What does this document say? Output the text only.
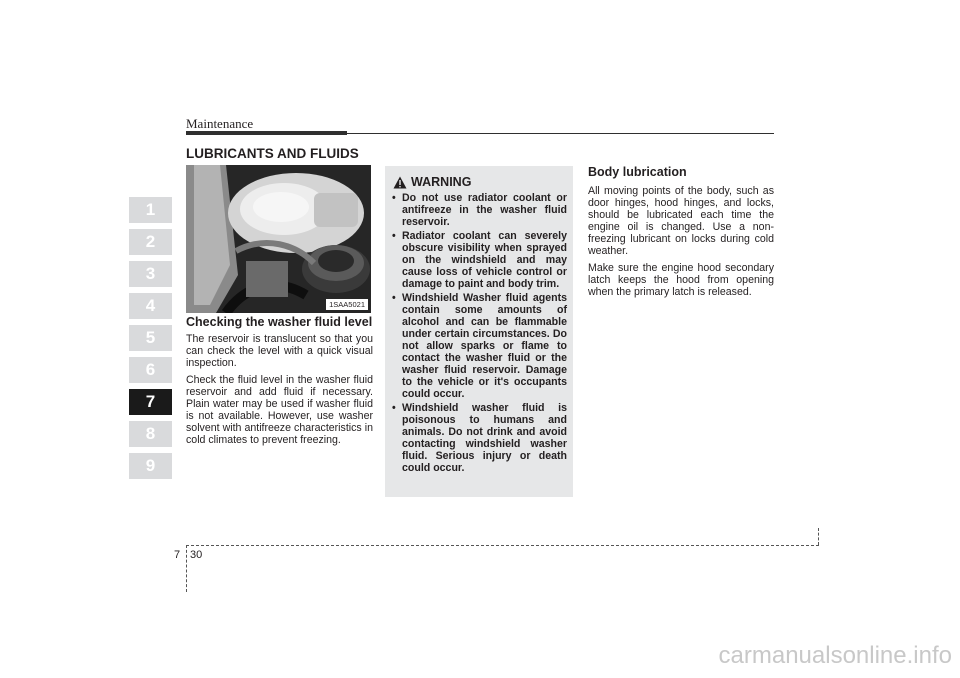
Maintenance
LUBRICANTS AND FLUIDS
1
2
3
4
5
6
7
8
9
1SAA5021
Checking the washer fluid level

The reservoir is translucent so that you can check the level with a quick visual inspection.

Check the fluid level in the washer fluid reservoir and add fluid if necessary. Plain water may be used if washer fluid is not available. However, use washer solvent with antifreeze characteristics in cold climates to prevent freezing.

WARNING
• Do not use radiator coolant or antifreeze in the washer fluid reservoir.
• Radiator coolant can severely obscure visibility when sprayed on the windshield and may cause loss of vehicle control or damage to paint and body trim.
• Windshield Washer fluid agents contain some amounts of alcohol and can be flammable under certain circumstances. Do not allow sparks or flame to contact the washer fluid or the washer fluid reservoir. Damage to the vehicle or it's occupants could occur.
• Windshield washer fluid is poisonous to humans and animals. Do not drink and avoid contacting windshield washer fluid. Serious injury or death could occur.
Body lubrication

All moving points of the body, such as door hinges, hood hinges, and locks, should be lubricated each time the engine oil is changed. Use a non-freezing lubricant on locks during cold weather.

Make sure the engine hood secondary latch keeps the hood from opening when the primary latch is released.

7 30
carmanualsonline.info
